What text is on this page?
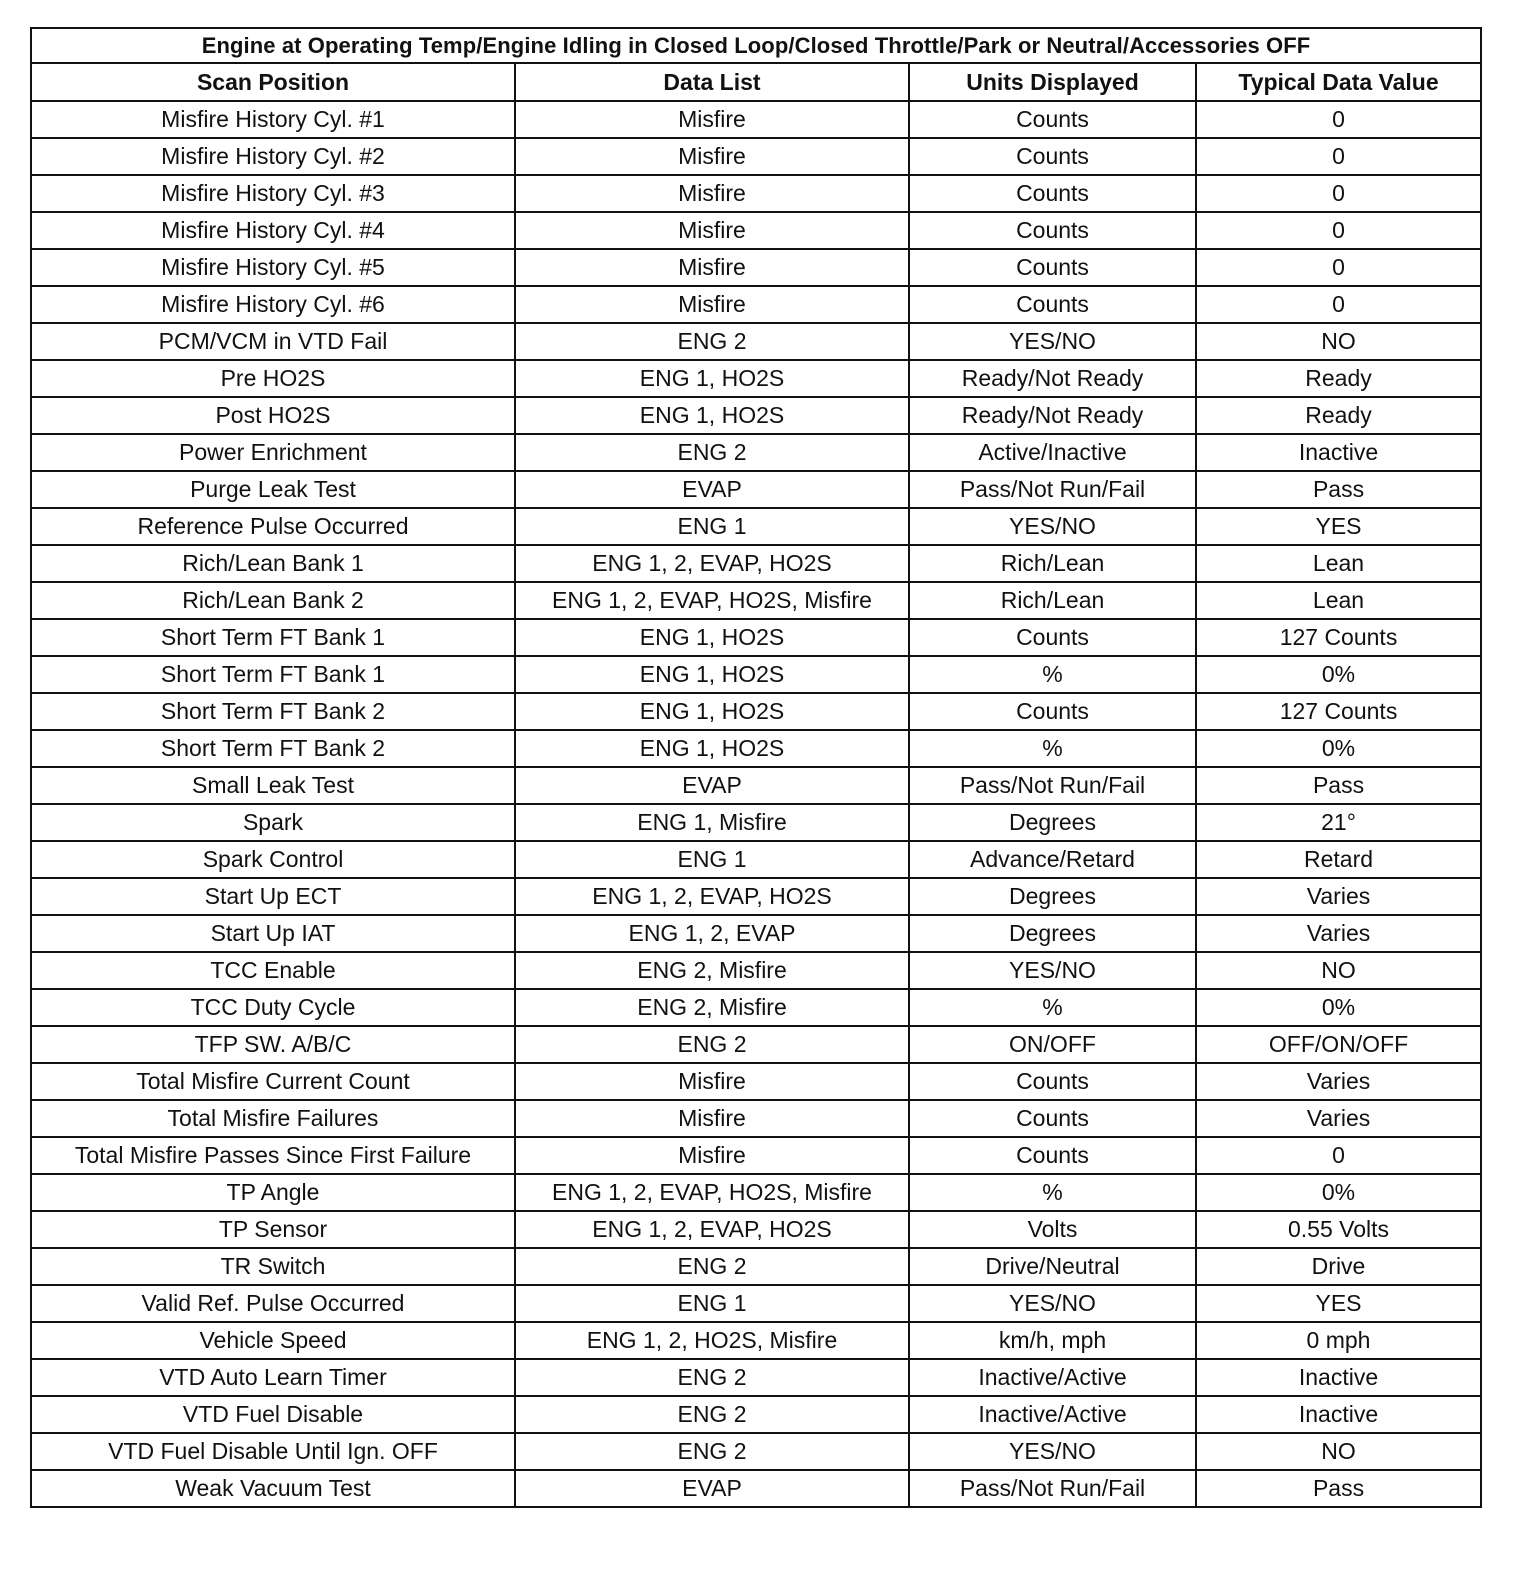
Engine at Operating Temp/Engine Idling in Closed Loop/Closed Throttle/Park or Neutral/Accessories OFF			
Scan Position	Data List	Units Displayed	Typical Data Value
Misfire History Cyl. #1	Misfire	Counts	0
Misfire History Cyl. #2	Misfire	Counts	0
Misfire History Cyl. #3	Misfire	Counts	0
Misfire History Cyl. #4	Misfire	Counts	0
Misfire History Cyl. #5	Misfire	Counts	0
Misfire History Cyl. #6	Misfire	Counts	0
PCM/VCM in VTD Fail	ENG 2	YES/NO	NO
Pre HO2S	ENG 1, HO2S	Ready/Not Ready	Ready
Post HO2S	ENG 1, HO2S	Ready/Not Ready	Ready
Power Enrichment	ENG 2	Active/Inactive	Inactive
Purge Leak Test	EVAP	Pass/Not Run/Fail	Pass
Reference Pulse Occurred	ENG 1	YES/NO	YES
Rich/Lean Bank 1	ENG 1, 2, EVAP, HO2S	Rich/Lean	Lean
Rich/Lean Bank 2	ENG 1, 2, EVAP, HO2S, Misfire	Rich/Lean	Lean
Short Term FT Bank 1	ENG 1, HO2S	Counts	127 Counts
Short Term FT Bank 1	ENG 1, HO2S	%	0%
Short Term FT Bank 2	ENG 1, HO2S	Counts	127 Counts
Short Term FT Bank 2	ENG 1, HO2S	%	0%
Small Leak Test	EVAP	Pass/Not Run/Fail	Pass
Spark	ENG 1, Misfire	Degrees	21°
Spark Control	ENG 1	Advance/Retard	Retard
Start Up ECT	ENG 1, 2, EVAP, HO2S	Degrees	Varies
Start Up IAT	ENG 1, 2, EVAP	Degrees	Varies
TCC Enable	ENG 2, Misfire	YES/NO	NO
TCC Duty Cycle	ENG 2, Misfire	%	0%
TFP SW. A/B/C	ENG 2	ON/OFF	OFF/ON/OFF
Total Misfire Current Count	Misfire	Counts	Varies
Total Misfire Failures	Misfire	Counts	Varies
Total Misfire Passes Since First Failure	Misfire	Counts	0
TP Angle	ENG 1, 2, EVAP, HO2S, Misfire	%	0%
TP Sensor	ENG 1, 2, EVAP, HO2S	Volts	0.55 Volts
TR Switch	ENG 2	Drive/Neutral	Drive
Valid Ref. Pulse Occurred	ENG 1	YES/NO	YES
Vehicle Speed	ENG 1, 2, HO2S, Misfire	km/h, mph	0 mph
VTD Auto Learn Timer	ENG 2	Inactive/Active	Inactive
VTD Fuel Disable	ENG 2	Inactive/Active	Inactive
VTD Fuel Disable Until Ign. OFF	ENG 2	YES/NO	NO
Weak Vacuum Test	EVAP	Pass/Not Run/Fail	Pass
